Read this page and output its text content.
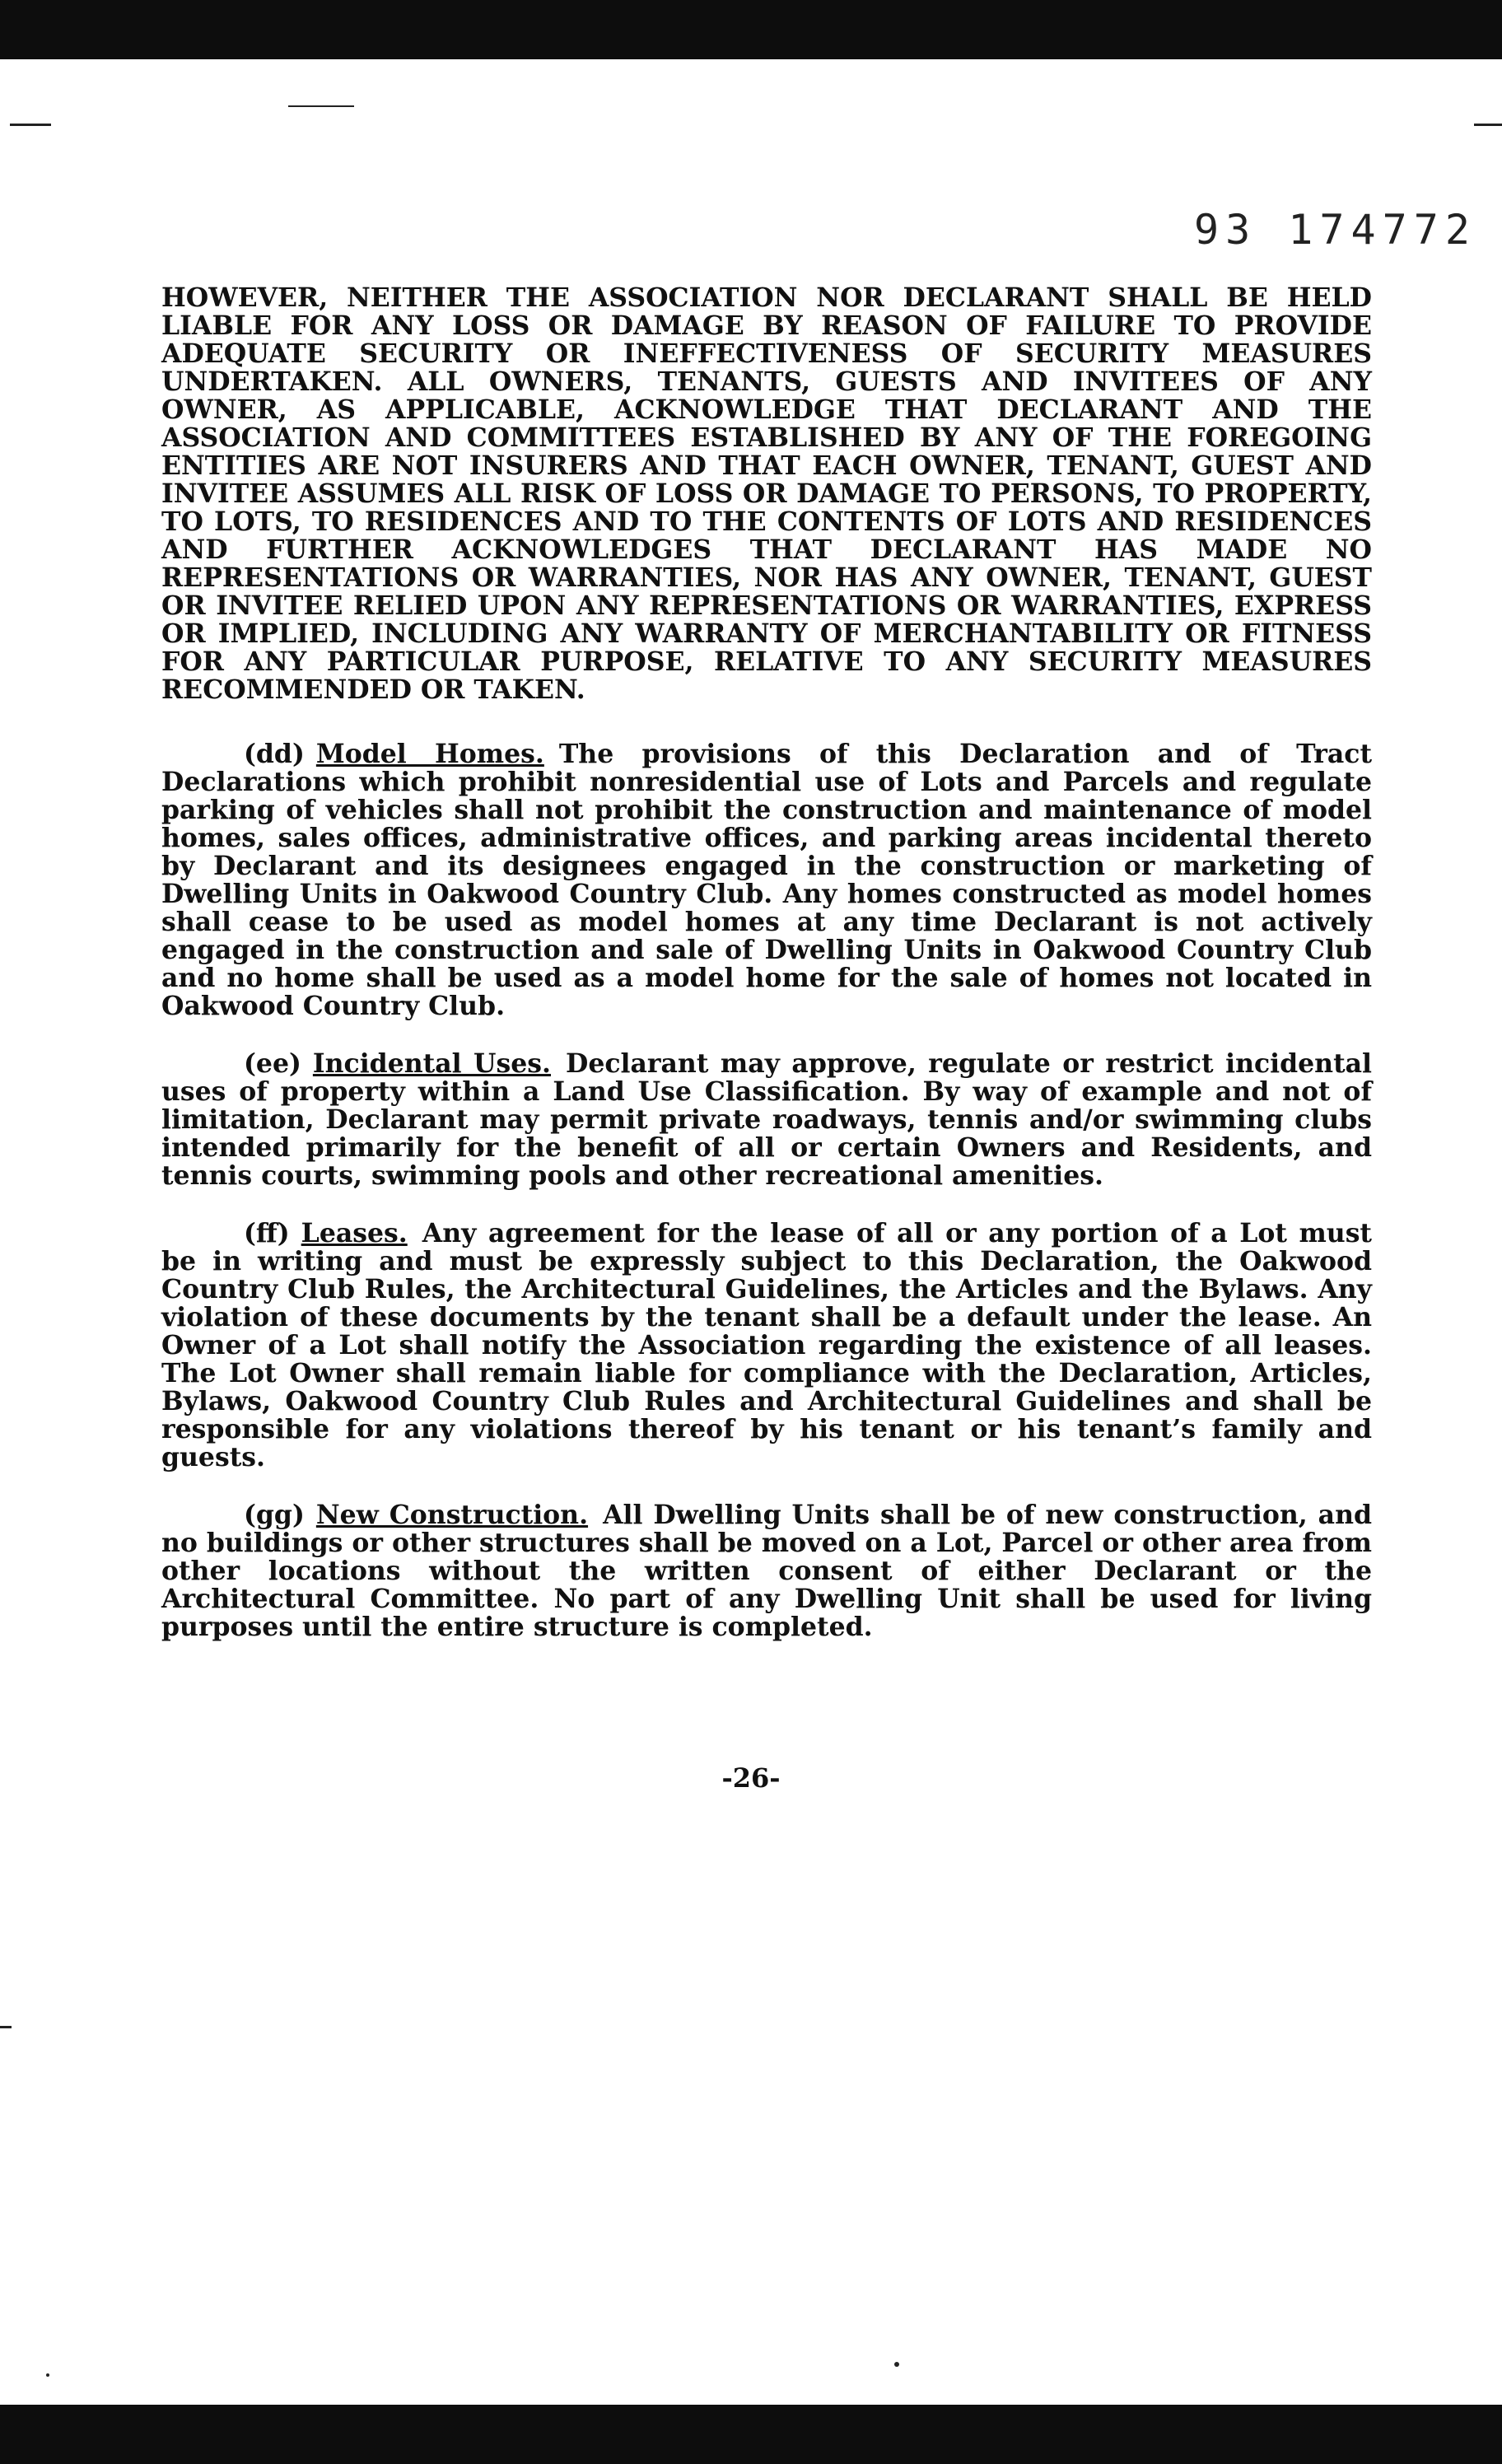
93 174772

HOWEVER, NEITHER THE ASSOCIATION NOR DECLARANT SHALL BE HELD LIABLE FOR ANY LOSS OR DAMAGE BY REASON OF FAILURE TO PROVIDE ADEQUATE SECURITY OR INEFFECTIVENESS OF SECURITY MEASURES UNDERTAKEN. ALL OWNERS, TENANTS, GUESTS AND INVITEES OF ANY OWNER, AS APPLICABLE, ACKNOWLEDGE THAT DECLARANT AND THE ASSOCIATION AND COMMITTEES ESTABLISHED BY ANY OF THE FOREGOING ENTITIES ARE NOT INSURERS AND THAT EACH OWNER, TENANT, GUEST AND INVITEE ASSUMES ALL RISK OF LOSS OR DAMAGE TO PERSONS, TO PROPERTY, TO LOTS, TO RESIDENCES AND TO THE CONTENTS OF LOTS AND RESIDENCES AND FURTHER ACKNOWLEDGES THAT DECLARANT HAS MADE NO REPRESENTATIONS OR WARRANTIES, NOR HAS ANY OWNER, TENANT, GUEST OR INVITEE RELIED UPON ANY REPRESENTATIONS OR WARRANTIES, EXPRESS OR IMPLIED, INCLUDING ANY WARRANTY OF MERCHANTABILITY OR FITNESS FOR ANY PARTICULAR PURPOSE, RELATIVE TO ANY SECURITY MEASURES RECOMMENDED OR TAKEN.

(dd) Model Homes. The provisions of this Declaration and of Tract Declarations which prohibit nonresidential use of Lots and Parcels and regulate parking of vehicles shall not prohibit the construction and maintenance of model homes, sales offices, administrative offices, and parking areas incidental thereto by Declarant and its designees engaged in the construction or marketing of Dwelling Units in Oakwood Country Club. Any homes constructed as model homes shall cease to be used as model homes at any time Declarant is not actively engaged in the construction and sale of Dwelling Units in Oakwood Country Club and no home shall be used as a model home for the sale of homes not located in Oakwood Country Club.

(ee) Incidental Uses. Declarant may approve, regulate or restrict incidental uses of property within a Land Use Classification. By way of example and not of limitation, Declarant may permit private roadways, tennis and/or swimming clubs intended primarily for the benefit of all or certain Owners and Residents, and tennis courts, swimming pools and other recreational amenities.

(ff) Leases. Any agreement for the lease of all or any portion of a Lot must be in writing and must be expressly subject to this Declaration, the Oakwood Country Club Rules, the Architectural Guidelines, the Articles and the Bylaws. Any violation of these documents by the tenant shall be a default under the lease. An Owner of a Lot shall notify the Association regarding the existence of all leases. The Lot Owner shall remain liable for compliance with the Declaration, Articles, Bylaws, Oakwood Country Club Rules and Architectural Guidelines and shall be responsible for any violations thereof by his tenant or his tenant’s family and guests.

(gg) New Construction. All Dwelling Units shall be of new construction, and no buildings or other structures shall be moved on a Lot, Parcel or other area from other locations without the written consent of either Declarant or the Architectural Committee. No part of any Dwelling Unit shall be used for living purposes until the entire structure is completed.

-26-
